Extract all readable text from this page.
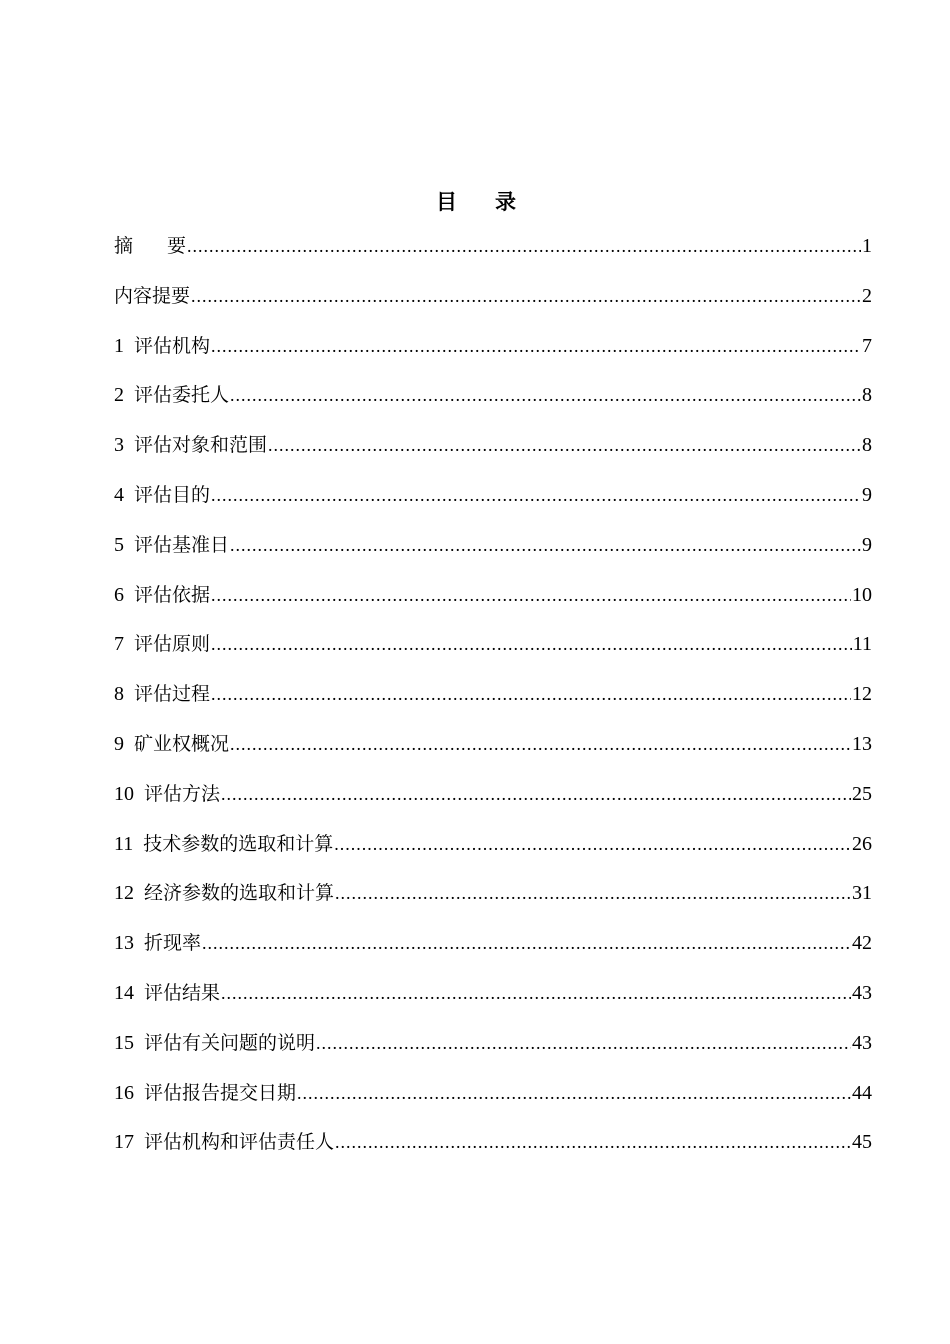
目录
摘要 .....	1
内容提要 .....	2
1 评估机构 .....	7
2 评估委托人 .....	8
3 评估对象和范围 .....	8
4 评估目的 .....	9
5 评估基准日 .....	9
6 评估依据 .....	10
7 评估原则 .....	11
8 评估过程 .....	12
9 矿业权概况 .....	13
10 评估方法 .....	25
11 技术参数的选取和计算 .....	26
12 经济参数的选取和计算 .....	31
13 折现率 .....	42
14 评估结果 .....	43
15 评估有关问题的说明 .....	43
16 评估报告提交日期 .....	44
17 评估机构和评估责任人 .....	45
